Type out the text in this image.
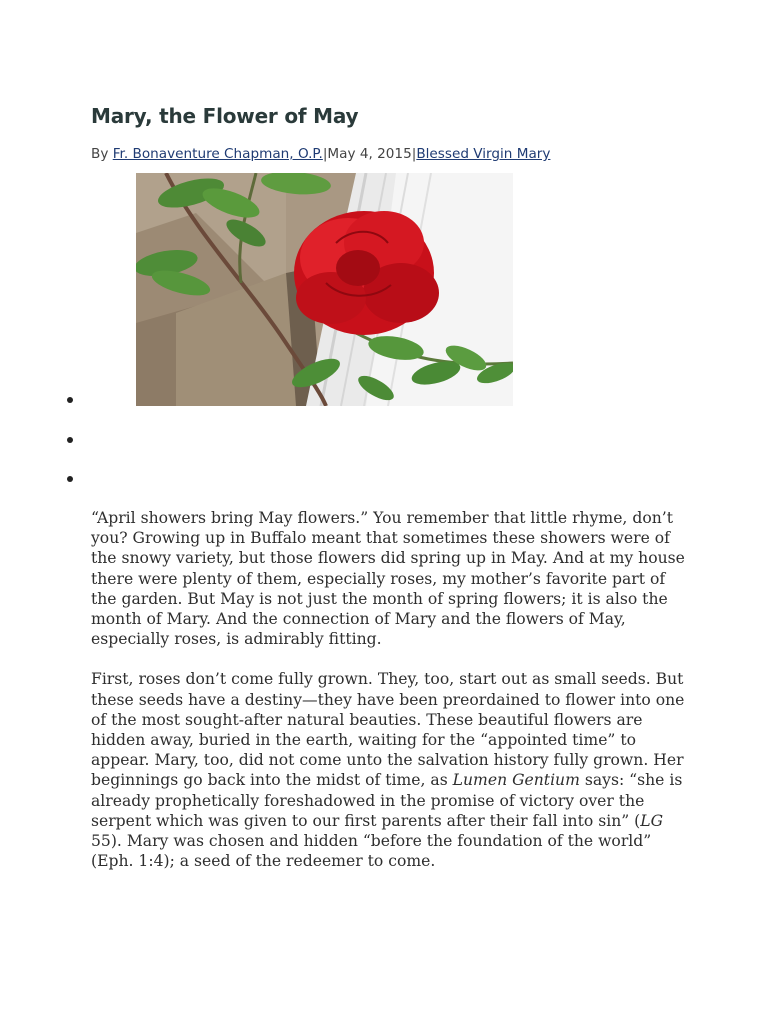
Mary, the Flower of May
By Fr. Bonaventure Chapman, O.P.|May 4, 2015|Blessed Virgin Mary

“April showers bring May flowers.” You remember that little rhyme, don’t you? Growing up in Buffalo meant that sometimes these showers were of the snowy variety, but those flowers did spring up in May. And at my house there were plenty of them, especially roses, my mother’s favorite part of the garden. But May is not just the month of spring flowers; it is also the month of Mary. And the connection of Mary and the flowers of May, especially roses, is admirably fitting.

First, roses don’t come fully grown. They, too, start out as small seeds. But these seeds have a destiny—they have been preordained to flower into one of the most sought-after natural beauties. These beautiful flowers are hidden away, buried in the earth, waiting for the “appointed time” to appear. Mary, too, did not come unto the salvation history fully grown. Her beginnings go back into the midst of time, as Lumen Gentium says: “she is already prophetically foreshadowed in the promise of victory over the serpent which was given to our first parents after their fall into sin” (LG 55). Mary was chosen and hidden “before the foundation of the world” (Eph. 1:4); a seed of the redeemer to come.
